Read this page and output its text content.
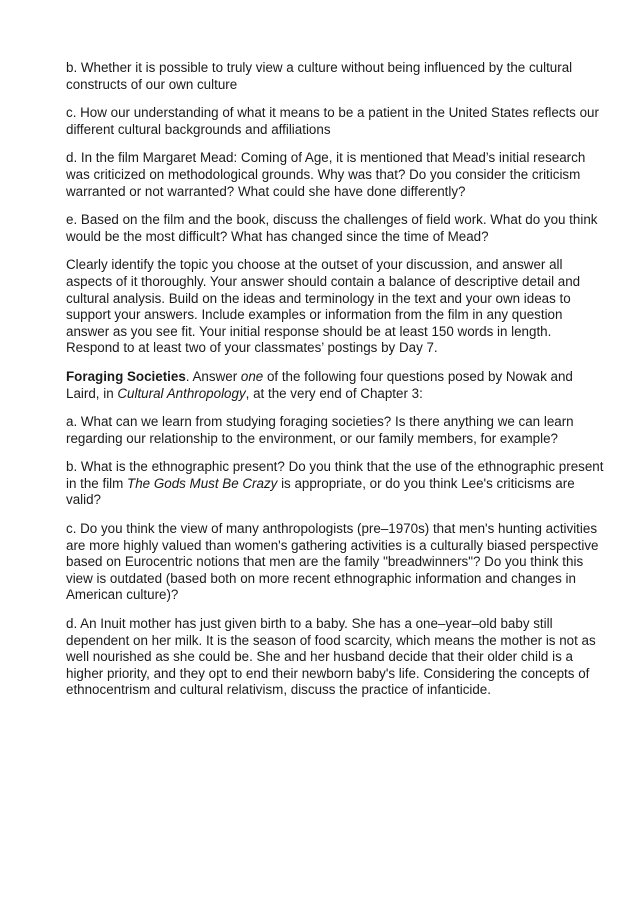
b. Whether it is possible to truly view a culture without being influenced by the cultural constructs of our own culture

c. How our understanding of what it means to be a patient in the United States reflects our different cultural backgrounds and affiliations

d. In the film Margaret Mead: Coming of Age, it is mentioned that Mead’s initial research was criticized on methodological grounds. Why was that? Do you consider the criticism warranted or not warranted? What could she have done differently?

e. Based on the film and the book, discuss the challenges of field work. What do you think would be the most difficult? What has changed since the time of Mead?

Clearly identify the topic you choose at the outset of your discussion, and answer all aspects of it thoroughly. Your answer should contain a balance of descriptive detail and cultural analysis. Build on the ideas and terminology in the text and your own ideas to support your answers. Include examples or information from the film in any question answer as you see fit. Your initial response should be at least 150 words in length. Respond to at least two of your classmates’ postings by Day 7.

Foraging Societies. Answer one of the following four questions posed by Nowak and Laird, in Cultural Anthropology, at the very end of Chapter 3:

a. What can we learn from studying foraging societies? Is there anything we can learn regarding our relationship to the environment, or our family members, for example?

b. What is the ethnographic present? Do you think that the use of the ethnographic present in the film The Gods Must Be Crazy is appropriate, or do you think Lee's criticisms are valid?

c. Do you think the view of many anthropologists (pre–1970s) that men's hunting activities are more highly valued than women's gathering activities is a culturally biased perspective based on Eurocentric notions that men are the family "breadwinners"? Do you think this view is outdated (based both on more recent ethnographic information and changes in American culture)?

d. An Inuit mother has just given birth to a baby. She has a one–year–old baby still dependent on her milk. It is the season of food scarcity, which means the mother is not as well nourished as she could be. She and her husband decide that their older child is a higher priority, and they opt to end their newborn baby's life. Considering the concepts of ethnocentrism and cultural relativism, discuss the practice of infanticide.
